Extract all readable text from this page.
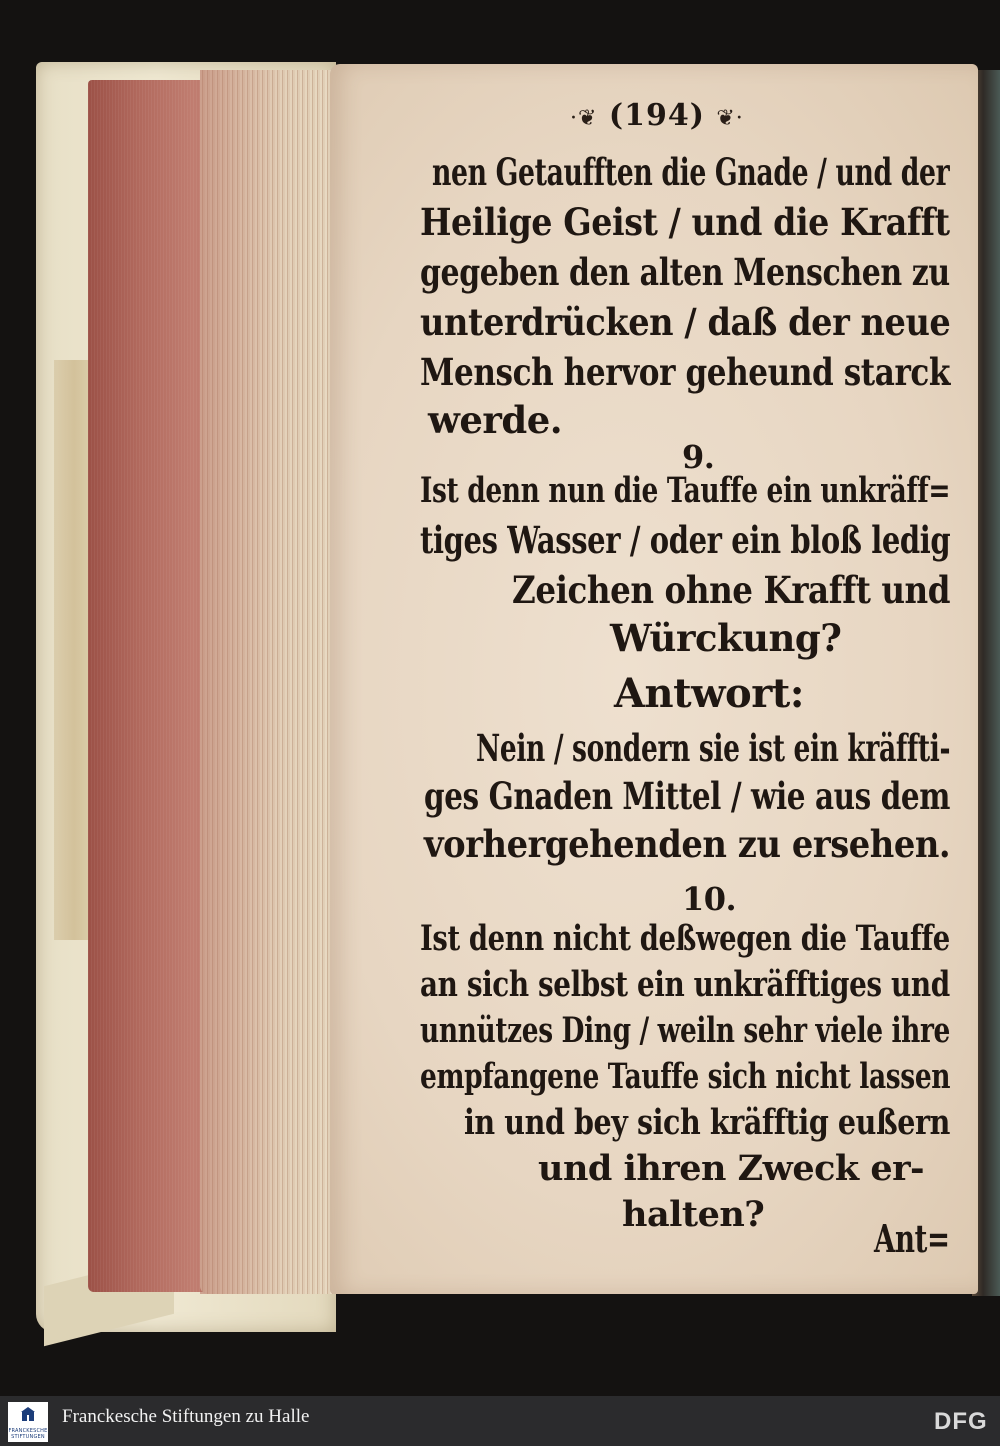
·❦ (194) ❦·
nen Getaufften die Gnade / und der
Heilige Geist / und die Krafft
gegeben den alten Menschen zu
unterdrücken / daß der neue
Mensch hervor geheund starck
werde.
9.
Ist denn nun die Tauffe ein unkräff=
tiges Wasser / oder ein bloß ledig
Zeichen ohne Krafft und
Würckung?
Antwort:
Nein / sondern sie ist ein kräffti-
ges Gnaden Mittel / wie aus dem
vorhergehenden zu ersehen.
10.
Ist denn nicht deßwegen die Tauffe
an sich selbst ein unkräfftiges und
unnützes Ding / weiln sehr viele ihre
empfangene Tauffe sich nicht lassen
in und bey sich kräfftig eußern
und ihren Zweck er-
halten?
Ant=
FRANCKESCHE STIFTUNGEN
Franckesche Stiftungen zu Halle	DFG
